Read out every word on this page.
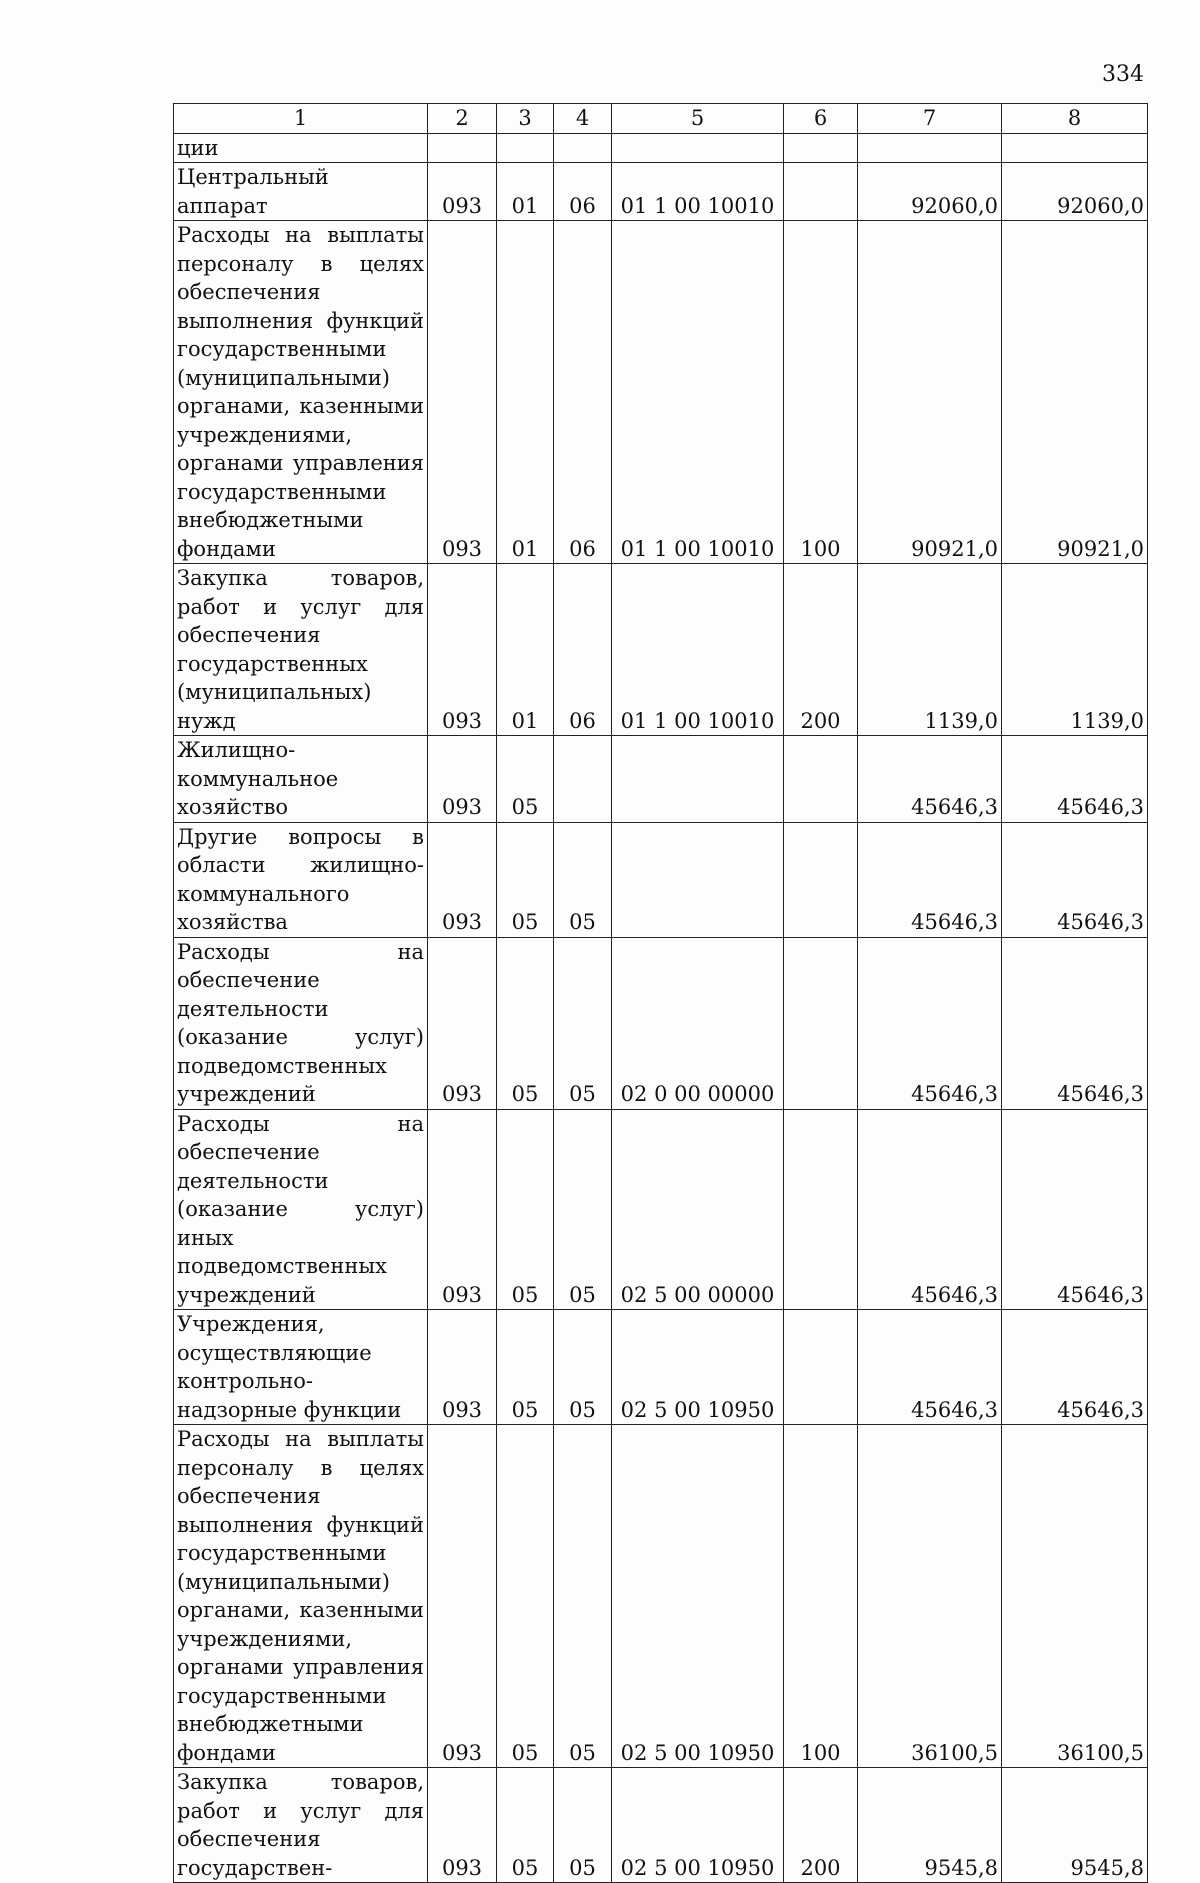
334
1	2	3	4	5	6	7	8
ции							
Центральный аппарат	093	01	06	01 1 00 10010		92060,0	92060,0
Расходы на выплаты персоналу в целях обеспечения выполнения функций государственными (муниципальными) органами, казенными учреждениями, органами управления государственными внебюджетными фондами	093	01	06	01 1 00 10010	100	90921,0	90921,0
Закупка товаров, работ и услуг для обеспечения государственных (муниципальных) нужд	093	01	06	01 1 00 10010	200	1139,0	1139,0
Жилищно-коммунальное хозяйство	093	05				45646,3	45646,3
Другие вопросы в области жилищно-коммунального хозяйства	093	05	05			45646,3	45646,3
Расходы на обеспечение деятельности (оказание услуг) подведомственных учреждений	093	05	05	02 0 00 00000		45646,3	45646,3
Расходы на обеспечение деятельности (оказание услуг) иных подведомственных учреждений	093	05	05	02 5 00 00000		45646,3	45646,3
Учреждения, осуществляющие контрольно-надзорные функции	093	05	05	02 5 00 10950		45646,3	45646,3
Расходы на выплаты персоналу в целях обеспечения выполнения функций государственными (муниципальными) органами, казенными учреждениями, органами управления государственными внебюджетными фондами	093	05	05	02 5 00 10950	100	36100,5	36100,5
Закупка товаров, работ и услуг для обеспечения государствен-	093	05	05	02 5 00 10950	200	9545,8	9545,8
